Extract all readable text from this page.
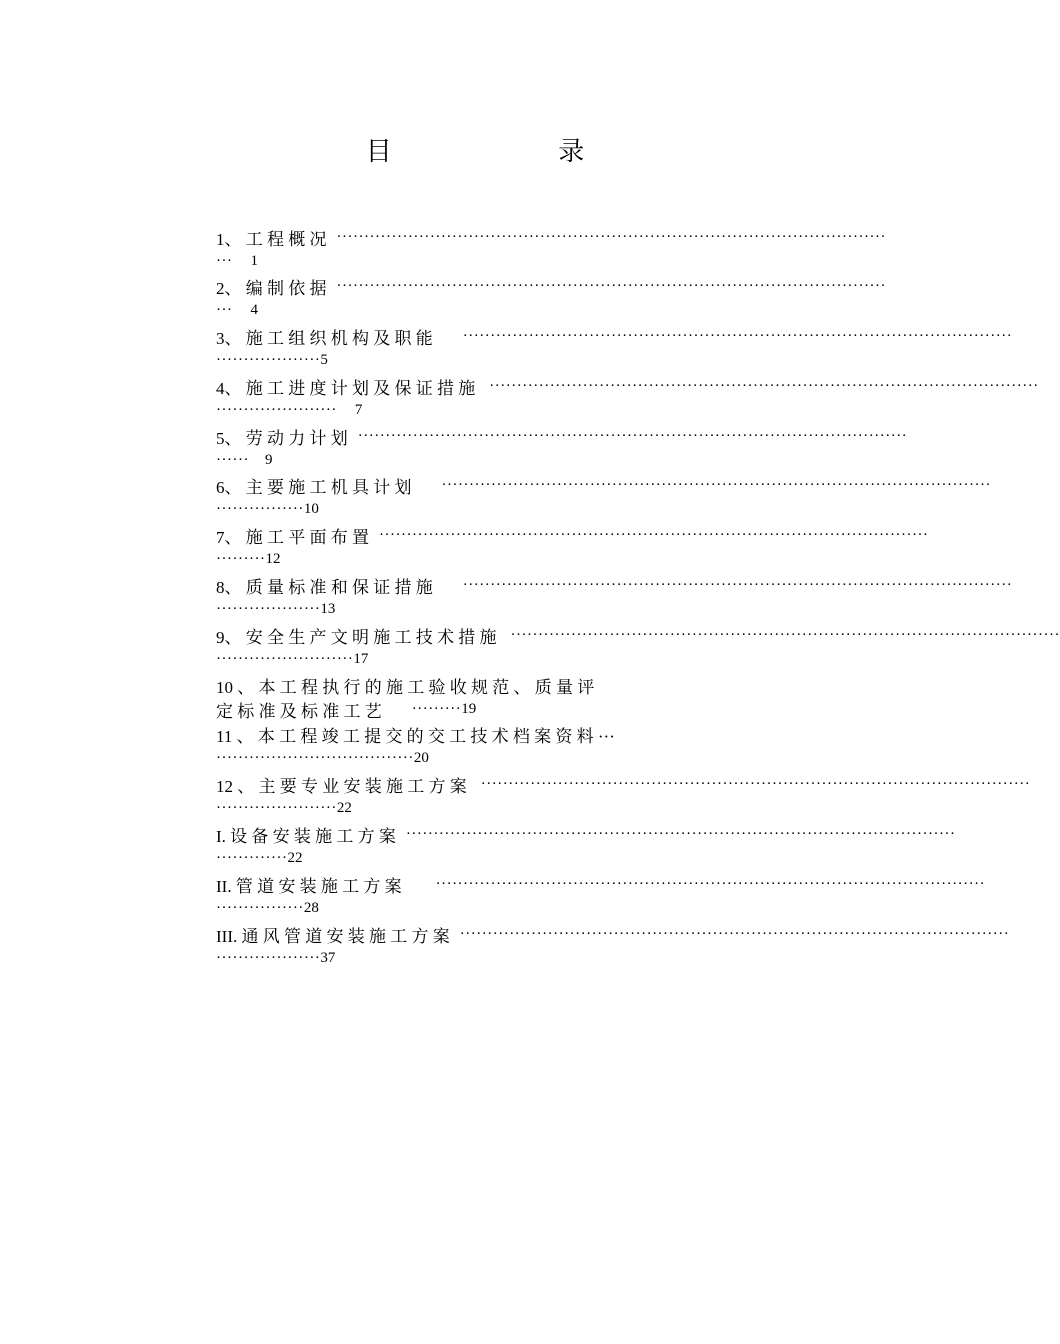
目	录
1、 工 程 概 况 ····································································································
··· 1
2、 编 制 依 据 ····································································································
··· 4
3、 施 工 组 织 机 构 及 职 能 ····································································································
··················· 5
4、 施 工 进 度 计 划 及 保 证 措 施 ····································································································
······················ 7
5、 劳 动 力 计 划 ····································································································
······ 9
6、 主 要 施 工 机 具 计 划 ····································································································
················ 10
7、 施 工 平 面 布 置 ····································································································
········· 12
8、 质 量 标 准 和 保 证 措 施 ····································································································
··················· 13
9、 安 全 生 产 文 明 施 工 技 术 措 施 ····································································································
························· 17
10 、 本 工 程 执 行 的 施 工 验 收 规 范 、 质 量 评
定 标 准 及 标 准 工 艺 ········· 19
11 、 本 工 程 竣 工 提 交 的 交 工 技 术 档 案 资 料 ···
···································· 20
12 、 主 要 专 业 安 装 施 工 方 案 ····································································································
······················ 22
I. 设 备 安 装 施 工 方 案 ····································································································
············· 22
II. 管 道 安 装 施 工 方 案 ····································································································
················ 28
III. 通 风 管 道 安 装 施 工 方 案 ····································································································
··················· 37
